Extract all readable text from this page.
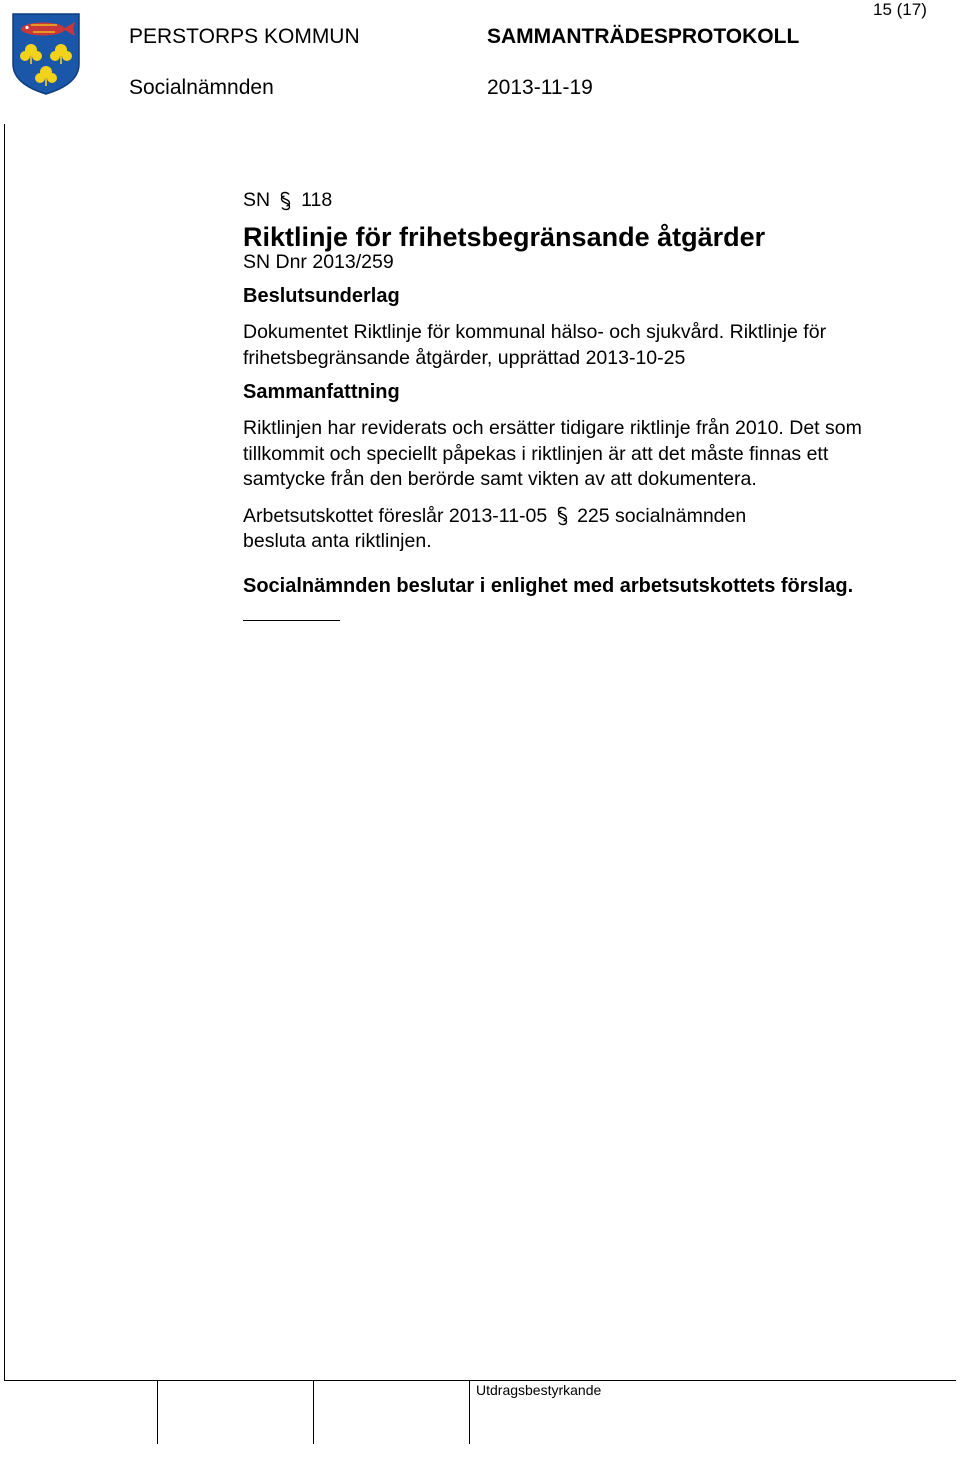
PERSTORPS KOMMUN	SAMMANTRÄDESPROTOKOLL
15 (17)
Socialnämnden	2013-11-19
Utdragsbestyrkande

SN 118

Riktlinje för frihetsbegränsande åtgärder

SN Dnr 2013/259

Beslutsunderlag

Dokumentet Riktlinje för kommunal hälso- och sjukvård. Riktlinje för frihetsbegränsande åtgärder, upprättad 2013-10-25

Sammanfattning

Riktlinjen har reviderats och ersätter tidigare riktlinje från 2010. Det som tillkommit och speciellt påpekas i riktlinjen är att det måste finnas ett samtycke från den berörde samt vikten av att dokumentera.

Arbetsutskottet föreslår 2013-11-05 225 socialnämnden
besluta anta riktlinjen.

Socialnämnden beslutar i enlighet med arbetsutskottets förslag.
